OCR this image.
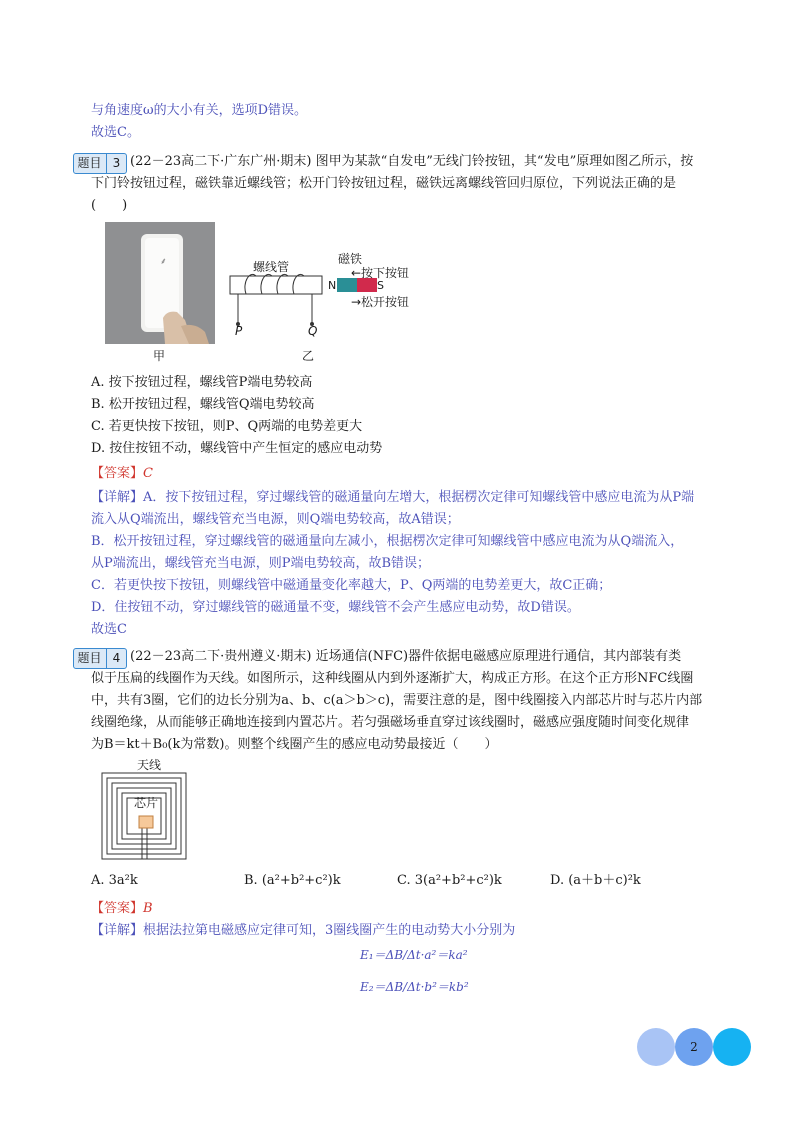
与角速度ω的大小有关，选项D错误。
故选C。
题目 3 (22－23高二下·广东广州·期末) 图甲为某款“自发电”无线门铃按钮，其“发电”原理如图乙所示，按
下门铃按钮过程，磁铁靠近螺线管；松开门铃按钮过程，磁铁远离螺线管回归原位，下列说法正确的是
(　　)
⸙
甲
螺线管
磁铁
←按下按钮
→松开按钮
N	S
P	Q
乙
A. 按下按钮过程，螺线管P端电势较高
B. 松开按钮过程，螺线管Q端电势较高
C. 若更快按下按钮，则P、Q两端的电势差更大
D. 按住按钮不动，螺线管中产生恒定的感应电动势
【答案】C
【详解】A．按下按钮过程，穿过螺线管的磁通量向左增大，根据楞次定律可知螺线管中感应电流为从P端
流入从Q端流出，螺线管充当电源，则Q端电势较高，故A错误；
B．松开按钮过程，穿过螺线管的磁通量向左减小，根据楞次定律可知螺线管中感应电流为从Q端流入，
从P端流出，螺线管充当电源，则P端电势较高，故B错误；
C．若更快按下按钮，则螺线管中磁通量变化率越大，P、Q两端的电势差更大，故C正确；
D．住按钮不动，穿过螺线管的磁通量不变，螺线管不会产生感应电动势，故D错误。
故选C
题目 4 (22－23高二下·贵州遵义·期末) 近场通信(NFC)器件依据电磁感应原理进行通信，其内部装有类
似于压扁的线圈作为天线。如图所示，这种线圈从内到外逐渐扩大，构成正方形。在这个正方形NFC线圈
中，共有3圈，它们的边长分别为a、b、c(a＞b＞c)，需要注意的是，图中线圈接入内部芯片时与芯片内部
线圈绝缘，从而能够正确地连接到内置芯片。若匀强磁场垂直穿过该线圈时，磁感应强度随时间变化规律
为B＝kt＋B₀(k为常数)。则整个线圈产生的感应电动势最接近（　　）
天线
芯片
A. 3a²k	B. (a²+b²+c²)k	C. 3(a²+b²+c²)k	D. (a＋b＋c)²k
【答案】B
【详解】根据法拉第电磁感应定律可知，3圈线圈产生的电动势大小分别为
E₁＝ΔB/Δt·a²＝ka²
E₂＝ΔB/Δt·b²＝kb²
2
